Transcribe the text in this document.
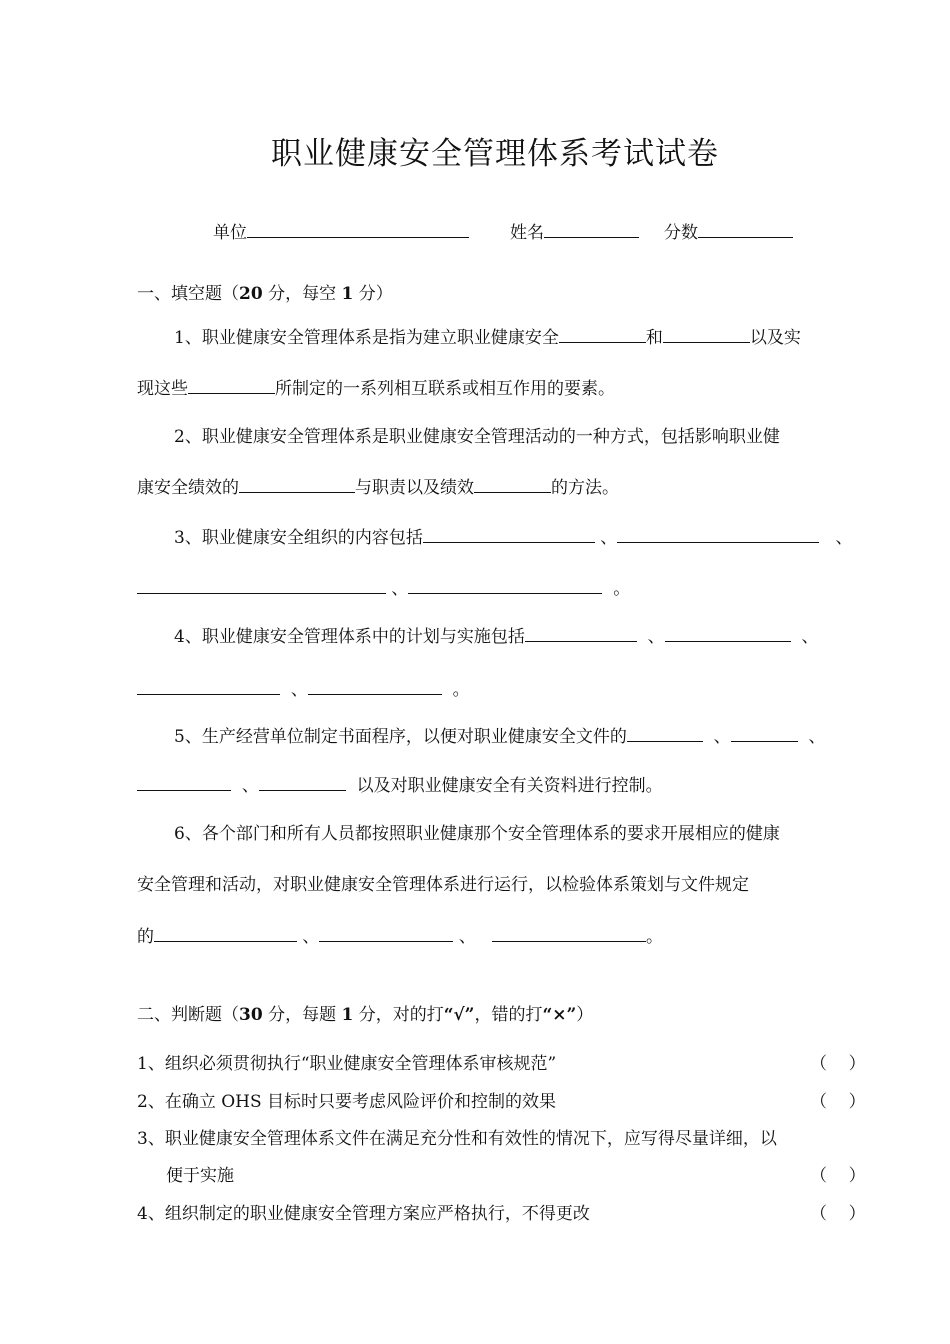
职业健康安全管理体系考试试卷
单位	姓名	分数
一、填空题（20 分，每空 1 分）
1、职业健康安全管理体系是指为建立职业健康安全	和	以及实
现这些	所制定的一系列相互联系或相互作用的要素。
2、职业健康安全管理体系是职业健康安全管理活动的一种方式，包括影响职业健
康安全绩效的	与职责以及绩效	的方法。
3、职业健康安全组织的内容包括	、	、
、	。
4、职业健康安全管理体系中的计划与实施包括	、	、
、	。
5、生产经营单位制定书面程序，以便对职业健康安全文件的	、	、
、	以及对职业健康安全有关资料进行控制。
6、各个部门和所有人员都按照职业健康那个安全管理体系的要求开展相应的健康
安全管理和活动，对职业健康安全管理体系进行运行，以检验体系策划与文件规定
的	、	、	。
二、判断题（30 分，每题 1 分，对的打“√”，错的打“×”）
1、组织必须贯彻执行“职业健康安全管理体系审核规范”	（    ）
2、在确立 OHS 目标时只要考虑风险评价和控制的效果	（    ）
3、职业健康安全管理体系文件在满足充分性和有效性的情况下，应写得尽量详细，以
便于实施	（    ）
4、组织制定的职业健康安全管理方案应严格执行，不得更改	（    ）
